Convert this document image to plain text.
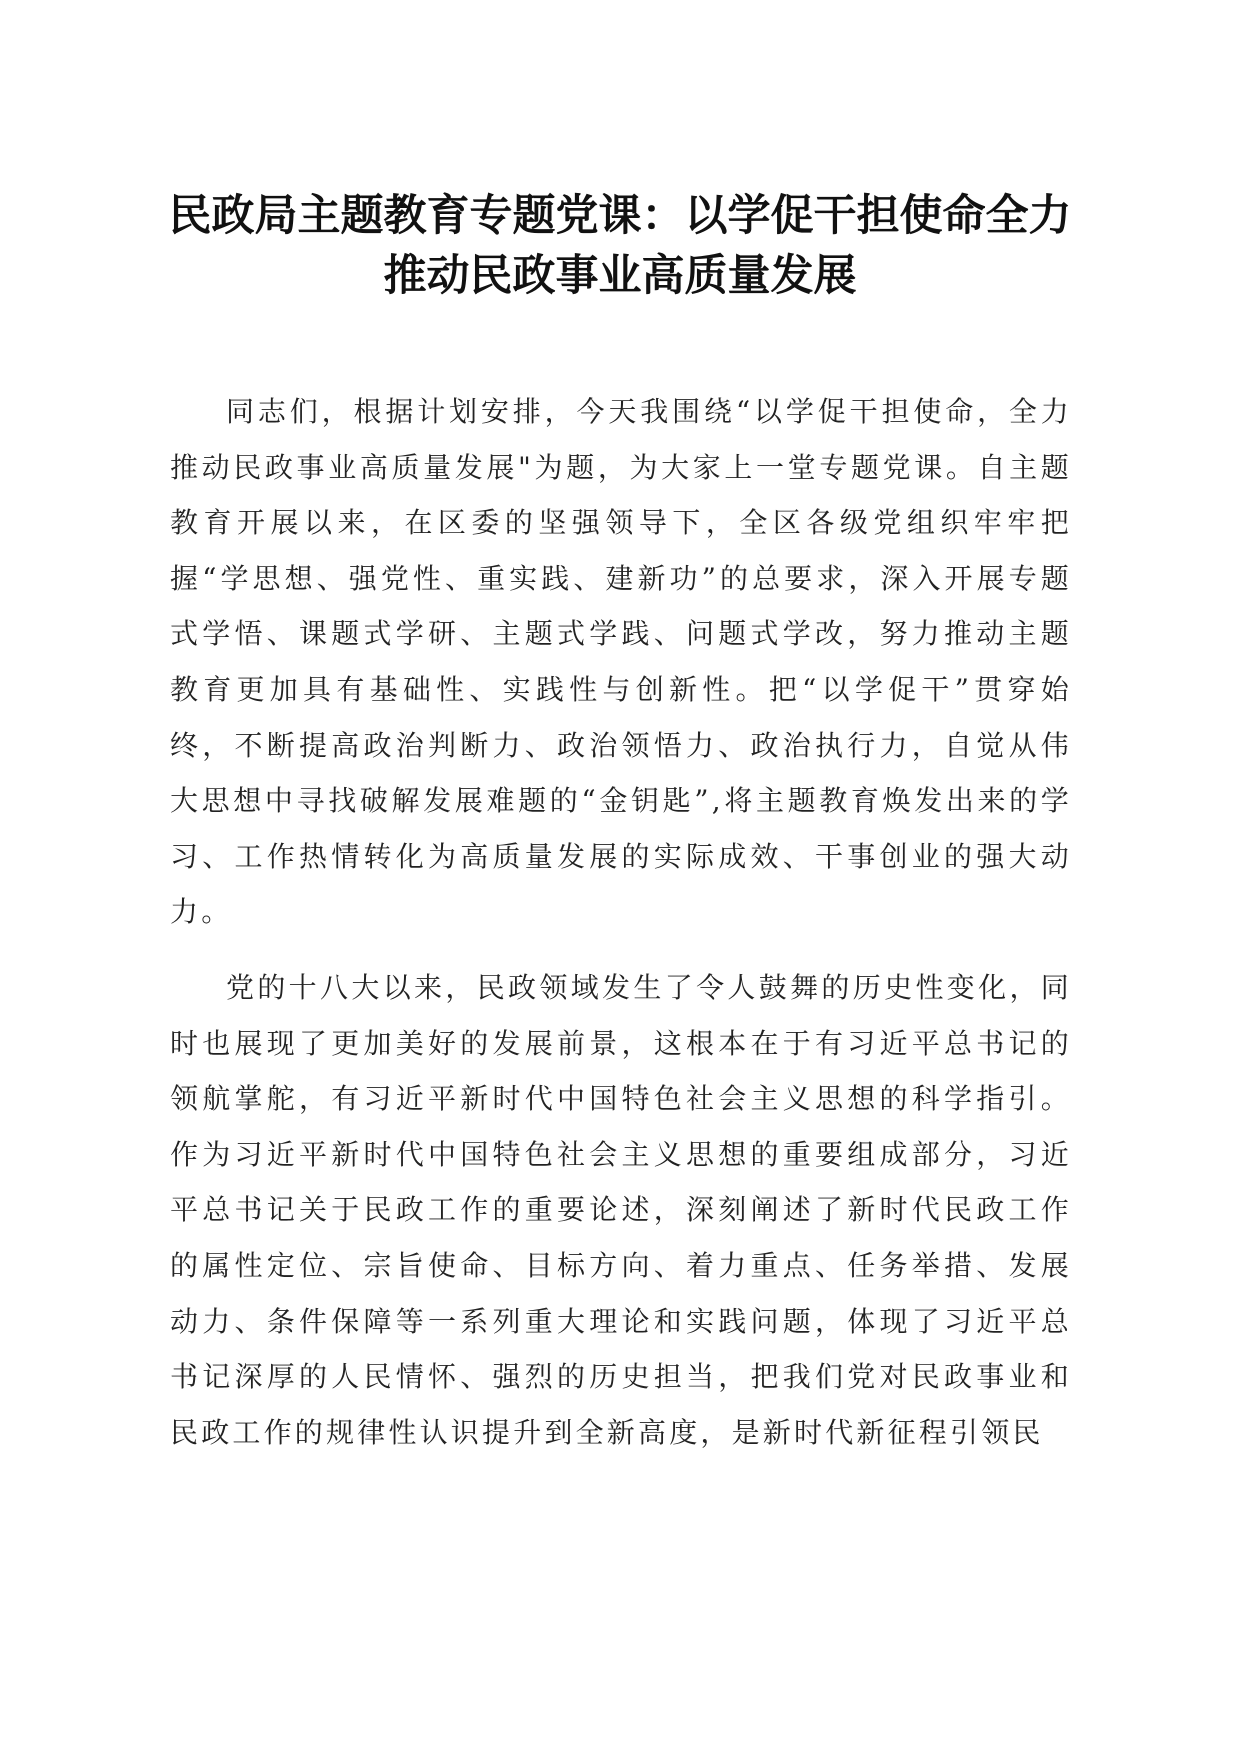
民政局主题教育专题党课：以学促干担使命全力推动民政事业高质量发展

同志们，根据计划安排，今天我围绕“以学促干担使命，全力推动民政事业高质量发展"为题，为大家上一堂专题党课。自主题教育开展以来，在区委的坚强领导下，全区各级党组织牢牢把握“学思想、强党性、重实践、建新功”的总要求，深入开展专题式学悟、课题式学研、主题式学践、问题式学改，努力推动主题教育更加具有基础性、实践性与创新性。把“以学促干”贯穿始终，不断提高政治判断力、政治领悟力、政治执行力，自觉从伟大思想中寻找破解发展难题的“金钥匙”,将主题教育焕发出来的学习、工作热情转化为高质量发展的实际成效、干事创业的强大动力。

党的十八大以来，民政领域发生了令人鼓舞的历史性变化，同时也展现了更加美好的发展前景，这根本在于有习近平总书记的领航掌舵，有习近平新时代中国特色社会主义思想的科学指引。作为习近平新时代中国特色社会主义思想的重要组成部分，习近平总书记关于民政工作的重要论述，深刻阐述了新时代民政工作的属性定位、宗旨使命、目标方向、着力重点、任务举措、发展动力、条件保障等一系列重大理论和实践问题，体现了习近平总书记深厚的人民情怀、强烈的历史担当，把我们党对民政事业和民政工作的规律性认识提升到全新高度，是新时代新征程引领民
